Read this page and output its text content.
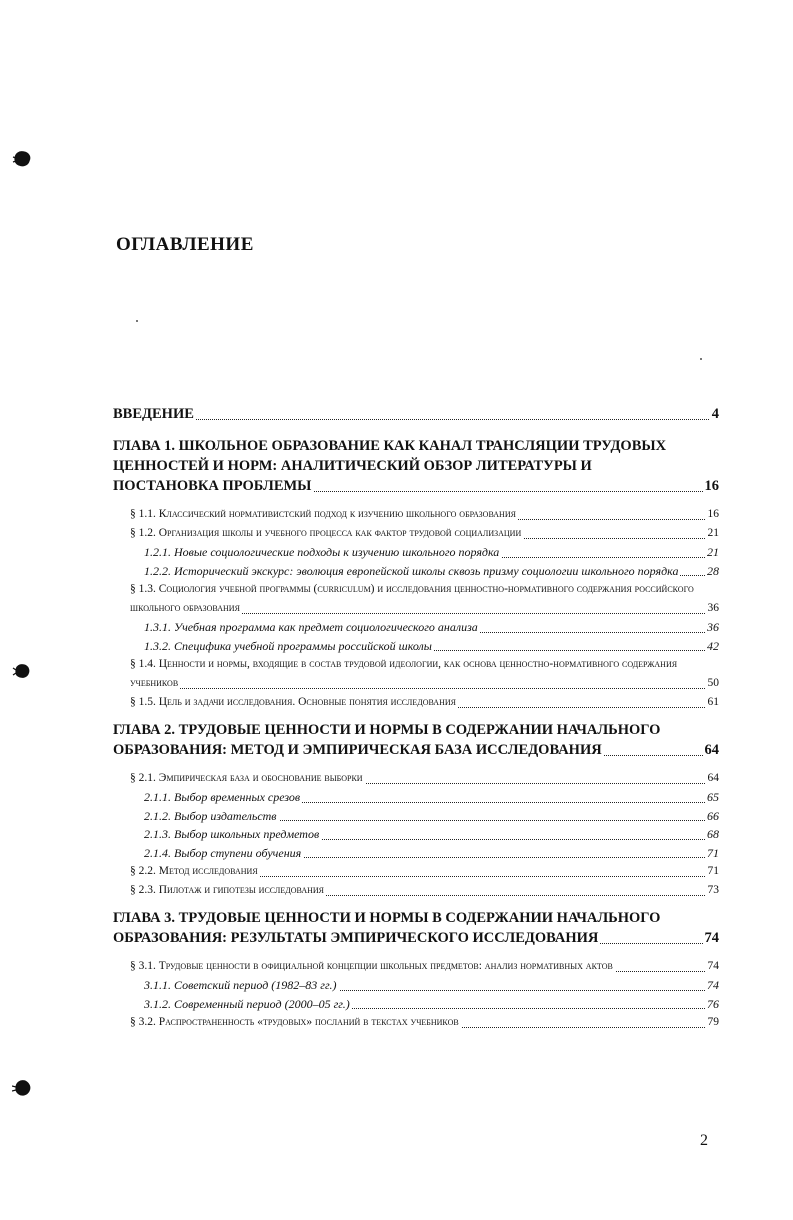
ОГЛАВЛЕНИЕ
ВВЕДЕНИЕ	4
ГЛАВА 1. ШКОЛЬНОЕ ОБРАЗОВАНИЕ КАК КАНАЛ ТРАНСЛЯЦИИ ТРУДОВЫХ ЦЕННОСТЕЙ И НОРМ: АНАЛИТИЧЕСКИЙ ОБЗОР ЛИТЕРАТУРЫ И ПОСТАНОВКА ПРОБЛЕМЫ	16
§ 1.1. Классический нормативистский подход к изучению школьного образования	16
§ 1.2. Организация школы и учебного процесса как фактор трудовой социализации	21
1.2.1. Новые социологические подходы к изучению школьного порядка	21
1.2.2. Исторический экскурс: эволюция европейской школы сквозь призму социологии школьного порядка 28
§ 1.3. Социология учебной программы (curriculum) и исследования ценностно-нормативного содержания российского школьного образования	36
1.3.1. Учебная программа как предмет социологического анализа	36
1.3.2. Специфика учебной программы российской школы	42
§ 1.4. Ценности и нормы, входящие в состав трудовой идеологии, как основа ценностно-нормативного содержания учебников	50
§ 1.5. Цель и задачи исследования. Основные понятия исследования	61
ГЛАВА 2. ТРУДОВЫЕ ЦЕННОСТИ И НОРМЫ В СОДЕРЖАНИИ НАЧАЛЬНОГО ОБРАЗОВАНИЯ: МЕТОД И ЭМПИРИЧЕСКАЯ БАЗА ИССЛЕДОВАНИЯ	64
§ 2.1. Эмпирическая база и обоснование выборки	64
2.1.1. Выбор временных срезов	65
2.1.2. Выбор издательств	66
2.1.3. Выбор школьных предметов	68
2.1.4. Выбор ступени обучения	71
§ 2.2. Метод исследования	71
§ 2.3. Пилотаж и гипотезы исследования	73
ГЛАВА 3. ТРУДОВЫЕ ЦЕННОСТИ И НОРМЫ В СОДЕРЖАНИИ НАЧАЛЬНОГО ОБРАЗОВАНИЯ: РЕЗУЛЬТАТЫ ЭМПИРИЧЕСКОГО ИССЛЕДОВАНИЯ	74
§ 3.1. Трудовые ценности в официальной концепции школьных предметов: анализ нормативных актов	74
3.1.1. Советский период (1982–83 гг.)	74
3.1.2. Современный период (2000–05 гг.)	76
§ 3.2. Распространенность «трудовых» посланий в текстах учебников	79

2
